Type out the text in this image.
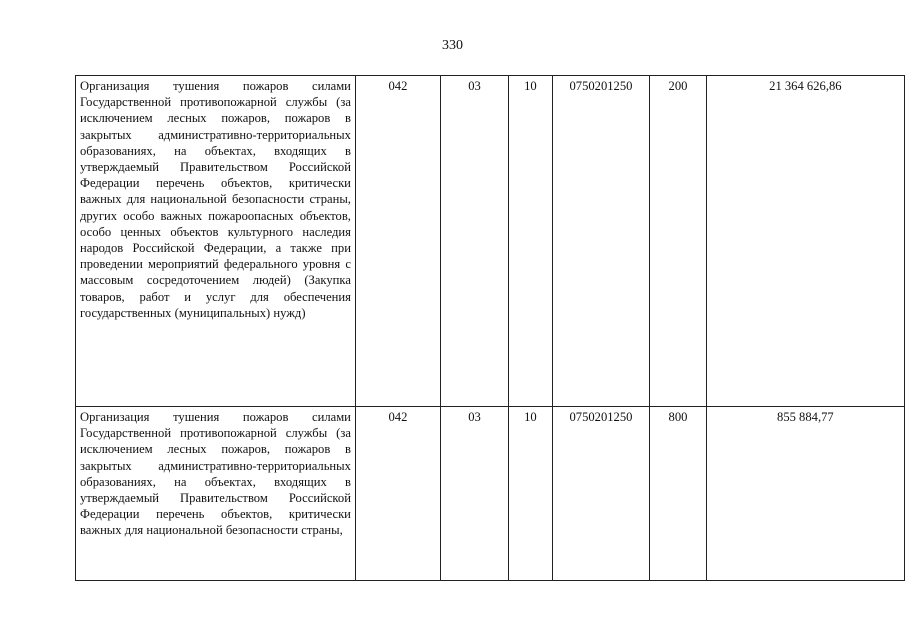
330
Организация тушения пожаров силами Государственной противопожарной службы (за исключением лесных пожаров, пожаров в закрытых административно-территориальных образованиях, на объектах, входящих в утверждаемый Правительством Российской Федерации перечень объектов, критически важных для национальной безопасности страны, других особо важных пожароопасных объектов, особо ценных объектов культурного наследия народов Российской Федерации, а также при проведении мероприятий федерального уровня с массовым сосредоточением людей) (Закупка товаров, работ и услуг для обеспечения государственных (муниципальных) нужд)	042	03	10	0750201250	200	21 364 626,86
Организация тушения пожаров силами Государственной противопожарной службы (за исключением лесных пожаров, пожаров в закрытых административно-территориальных образованиях, на объектах, входящих в утверждаемый Правительством Российской Федерации перечень объектов, критически важных для национальной безопасности страны,	042	03	10	0750201250	800	855 884,77
